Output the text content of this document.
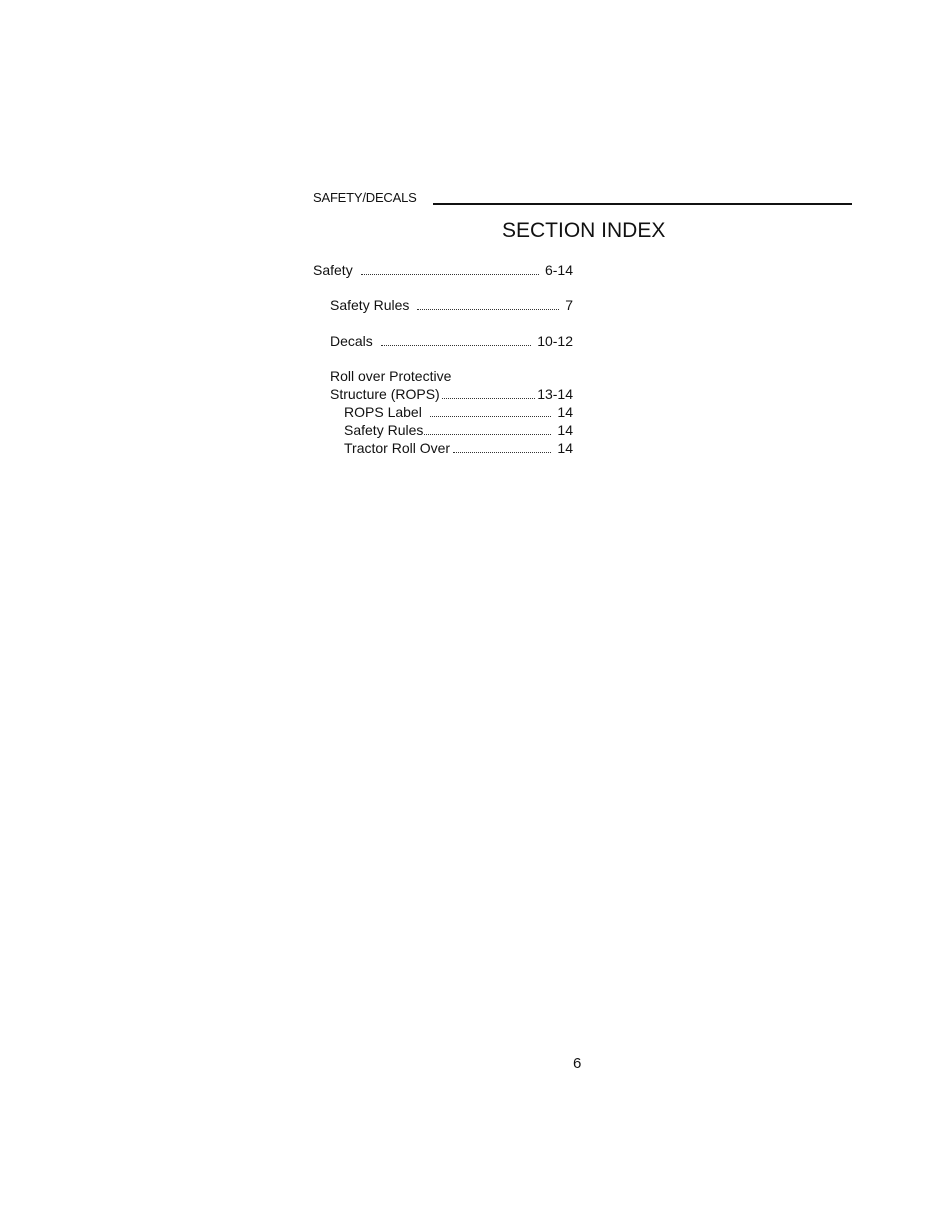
SAFETY/DECALS
SECTION INDEX
Safety	6-14
Safety Rules	7
Decals	10-12
Roll over Protective
Structure (ROPS)	13-14
ROPS Label	14
Safety Rules	14
Tractor Roll Over	14
6
